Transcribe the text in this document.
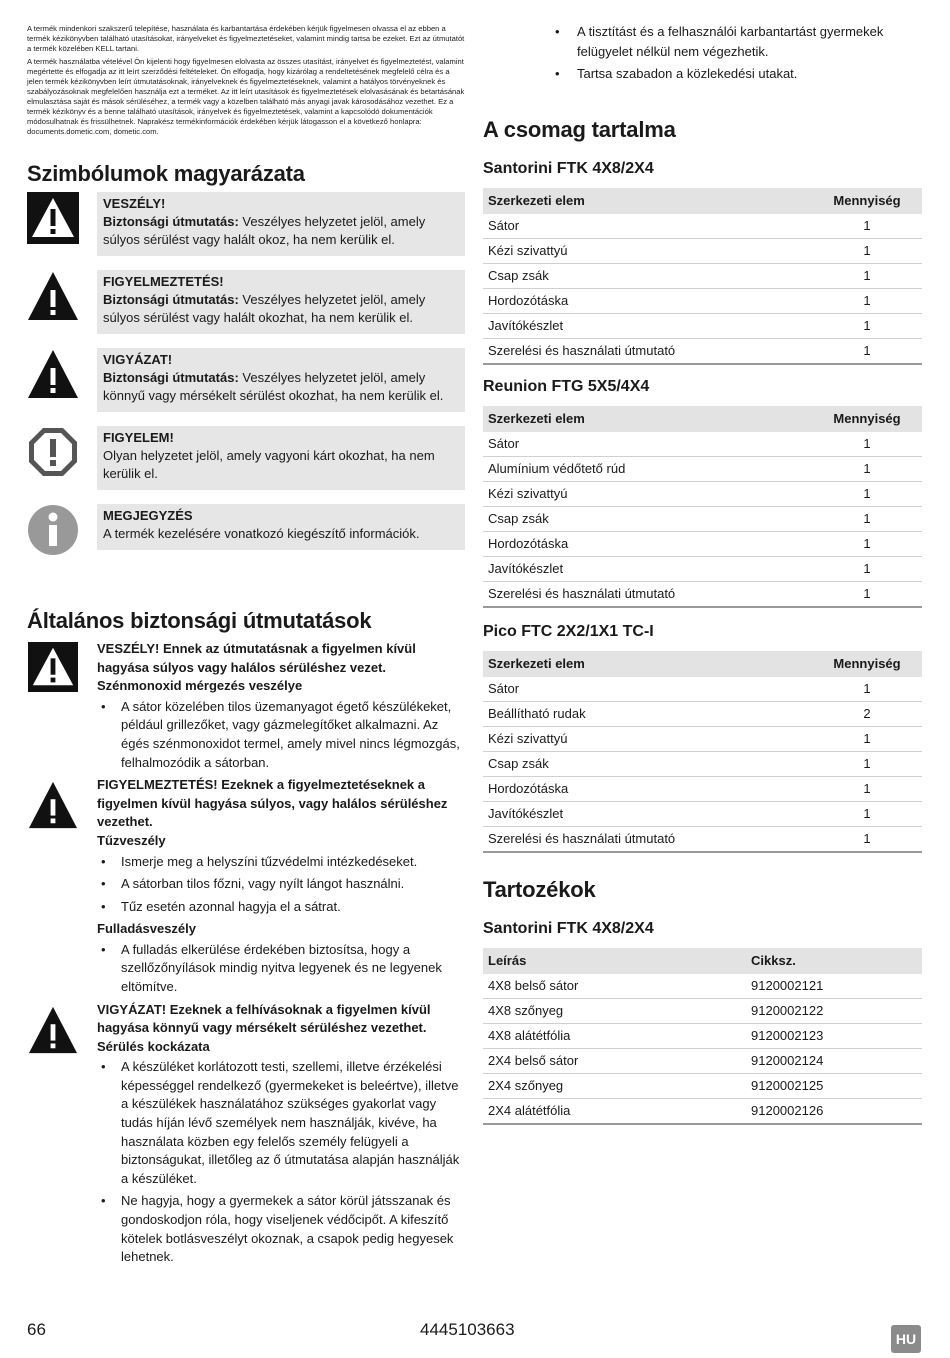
A termék mindenkori szakszerű telepítése, használata és karbantartása érdekében kérjük figyelmesen olvassa el az ebben a termék kézikönyvben található utasításokat, irányelveket és figyelmeztetéseket, valamint mindig tartsa be ezeket. Ezt az útmutatót a termék közelében KELL tartani.

A termék használatba vételével Ön kijelenti hogy figyelmesen elolvasta az összes utasítást, irányelvet és figyelmeztetést, valamint megértette és elfogadja az itt leírt szerződési feltételeket. Ön elfogadja, hogy kizárólag a rendeltetésének megfelelő célra és a jelen termék kézikönyvben leírt útmutatásoknak, irányelveknek és figyelmeztetéseknek, valamint a hatályos törvényeknek és szabályozásoknak megfelelően használja ezt a terméket. Az itt leírt utasítások és figyelmeztetések elolvasásának és betartásának elmulasztása saját és mások sérüléséhez, a termék vagy a közelben található más anyagi javak károsodásához vezethet. Ez a termék kézikönyv és a benne található utasítások, irányelvek és figyelmeztetések, valamint a kapcsolódó dokumentációk módosulhatnak és frissülhetnek. Naprakész termékinformációk érdekében kérjük látogasson el a következő honlapra: documents.dometic.com, dometic.com.

Szimbólumok magyarázata
VESZÉLY!
Biztonsági útmutatás: Veszélyes helyzetet jelöl, amely súlyos sérülést vagy halált okoz, ha nem kerülik el.
FIGYELMEZTETÉS!
Biztonsági útmutatás: Veszélyes helyzetet jelöl, amely súlyos sérülést vagy halált okozhat, ha nem kerülik el.
VIGYÁZAT!
Biztonsági útmutatás: Veszélyes helyzetet jelöl, amely könnyű vagy mérsékelt sérülést okozhat, ha nem kerülik el.
FIGYELEM!
Olyan helyzetet jelöl, amely vagyoni kárt okozhat, ha nem kerülik el.
MEGJEGYZÉS
A termék kezelésére vonatkozó kiegészítő információk.
Általános biztonsági útmutatások

VESZÉLY! Ennek az útmutatásnak a figyelmen kívül hagyása súlyos vagy halálos sérüléshez vezet.

Szénmonoxid mérgezés veszélye

• A sátor közelében tilos üzemanyagot égető készülékeket, például grillezőket, vagy gázmelegítőket alkalmazni. Az égés szénmonoxidot termel, amely mivel nincs légmozgás, felhalmozódik a sátorban.

FIGYELMEZTETÉS! Ezeknek a figyelmeztetéseknek a figyelmen kívül hagyása súlyos, vagy halálos sérüléshez vezethet.

Tűzveszély

• Ismerje meg a helyszíni tűzvédelmi intézkedéseket.
• A sátorban tilos főzni, vagy nyílt lángot használni.
• Tűz esetén azonnal hagyja el a sátrat.

Fulladásveszély

• A fulladás elkerülése érdekében biztosítsa, hogy a szellőzőnyílások mindig nyitva legyenek és ne legyenek eltömítve.

VIGYÁZAT! Ezeknek a felhívásoknak a figyelmen kívül hagyása könnyű vagy mérsékelt sérüléshez vezethet.

Sérülés kockázata

• A készüléket korlátozott testi, szellemi, illetve érzékelési képességgel rendelkező (gyermekeket is beleértve), illetve a készülékek használatához szükséges gyakorlat vagy tudás híján lévő személyek nem használják, kivéve, ha használata közben egy felelős személy felügyeli a biztonságukat, illetőleg az ő útmutatása alapján használják a készüléket.
• Ne hagyja, hogy a gyermekek a sátor körül játsszanak és gondoskodjon róla, hogy viseljenek védőcipőt. A kifeszítő kötelek botlásveszélyt okoznak, a csapok pedig hegyesek lehetnek.
• A tisztítást és a felhasználói karbantartást gyermekek felügyelet nélkül nem végezhetik.
• Tartsa szabadon a közlekedési utakat.
A csomag tartalma
Santorini FTK 4X8/2X4
Szerkezeti elem	Mennyiség
Sátor	1
Kézi szivattyú	1
Csap zsák	1
Hordozótáska	1
Javítókészlet	1
Szerelési és használati útmutató	1
Reunion FTG 5X5/4X4
Szerkezeti elem	Mennyiség
Sátor	1
Alumínium védőtető rúd	1
Kézi szivattyú	1
Csap zsák	1
Hordozótáska	1
Javítókészlet	1
Szerelési és használati útmutató	1
Pico FTC 2X2/1X1 TC-I
Szerkezeti elem	Mennyiség
Sátor	1
Beállítható rudak	2
Kézi szivattyú	1
Csap zsák	1
Hordozótáska	1
Javítókészlet	1
Szerelési és használati útmutató	1
Tartozékok
Santorini FTK 4X8/2X4
Leírás	Cikksz.
4X8 belső sátor	9120002121
4X8 szőnyeg	9120002122
4X8 alátétfólia	9120002123
2X4 belső sátor	9120002124
2X4 szőnyeg	9120002125
2X4 alátétfólia	9120002126
66	4445103663	HU
